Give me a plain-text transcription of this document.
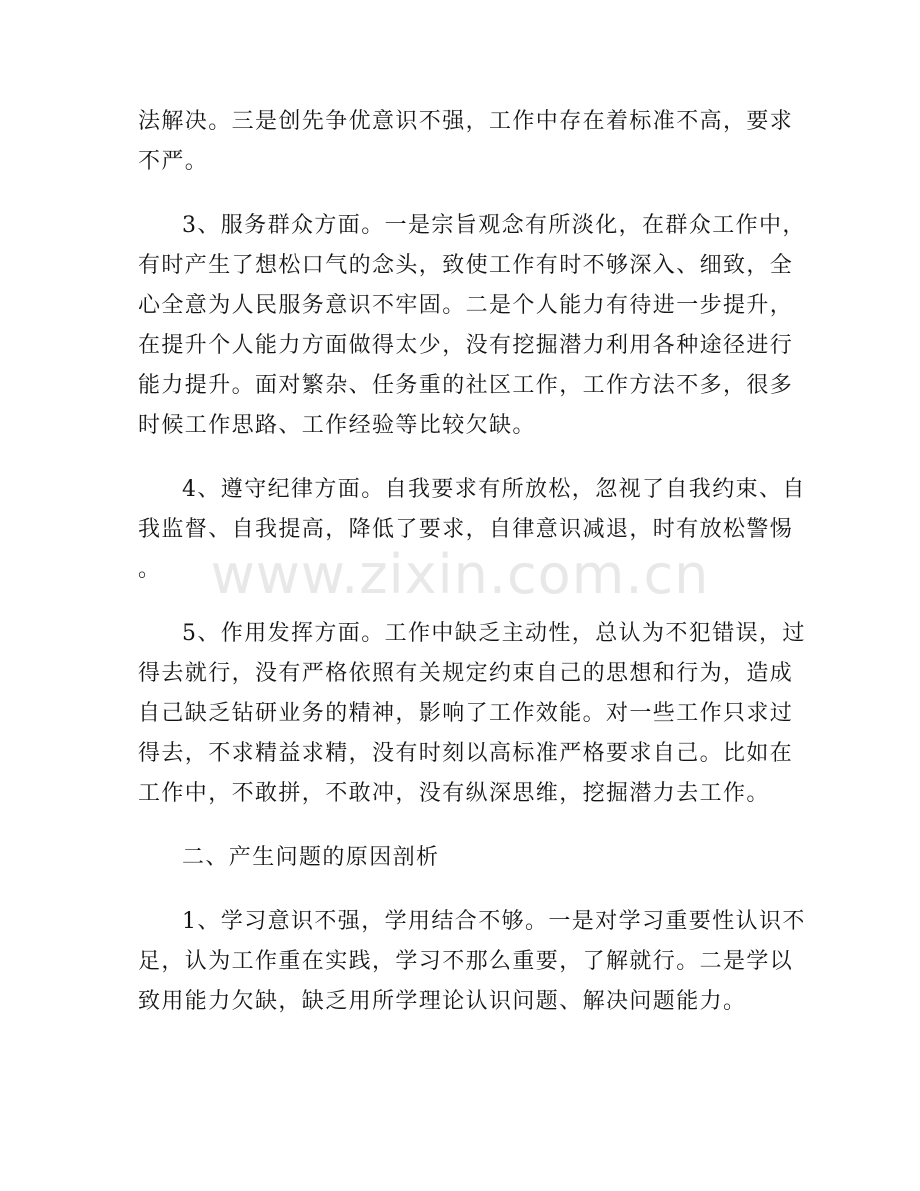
法解决。三是创先争优意识不强，工作中存在着标准不高，要求
不严。
3、服务群众方面。一是宗旨观念有所淡化，在群众工作中，
有时产生了想松口气的念头，致使工作有时不够深入、细致，全
心全意为人民服务意识不牢固。二是个人能力有待进一步提升，
在提升个人能力方面做得太少，没有挖掘潜力利用各种途径进行
能力提升。面对繁杂、任务重的社区工作，工作方法不多，很多
时候工作思路、工作经验等比较欠缺。
4、遵守纪律方面。自我要求有所放松，忽视了自我约束、自
我监督、自我提高，降低了要求，自律意识减退，时有放松警惕
。
5、作用发挥方面。工作中缺乏主动性，总认为不犯错误，过
得去就行，没有严格依照有关规定约束自己的思想和行为，造成
自己缺乏钻研业务的精神，影响了工作效能。对一些工作只求过
得去，不求精益求精，没有时刻以高标准严格要求自己。比如在
工作中，不敢拼，不敢冲，没有纵深思维，挖掘潜力去工作。
二、产生问题的原因剖析
1、学习意识不强，学用结合不够。一是对学习重要性认识不
足，认为工作重在实践，学习不那么重要，了解就行。二是学以
致用能力欠缺，缺乏用所学理论认识问题、解决问题能力。
www.zixin.com.cn
